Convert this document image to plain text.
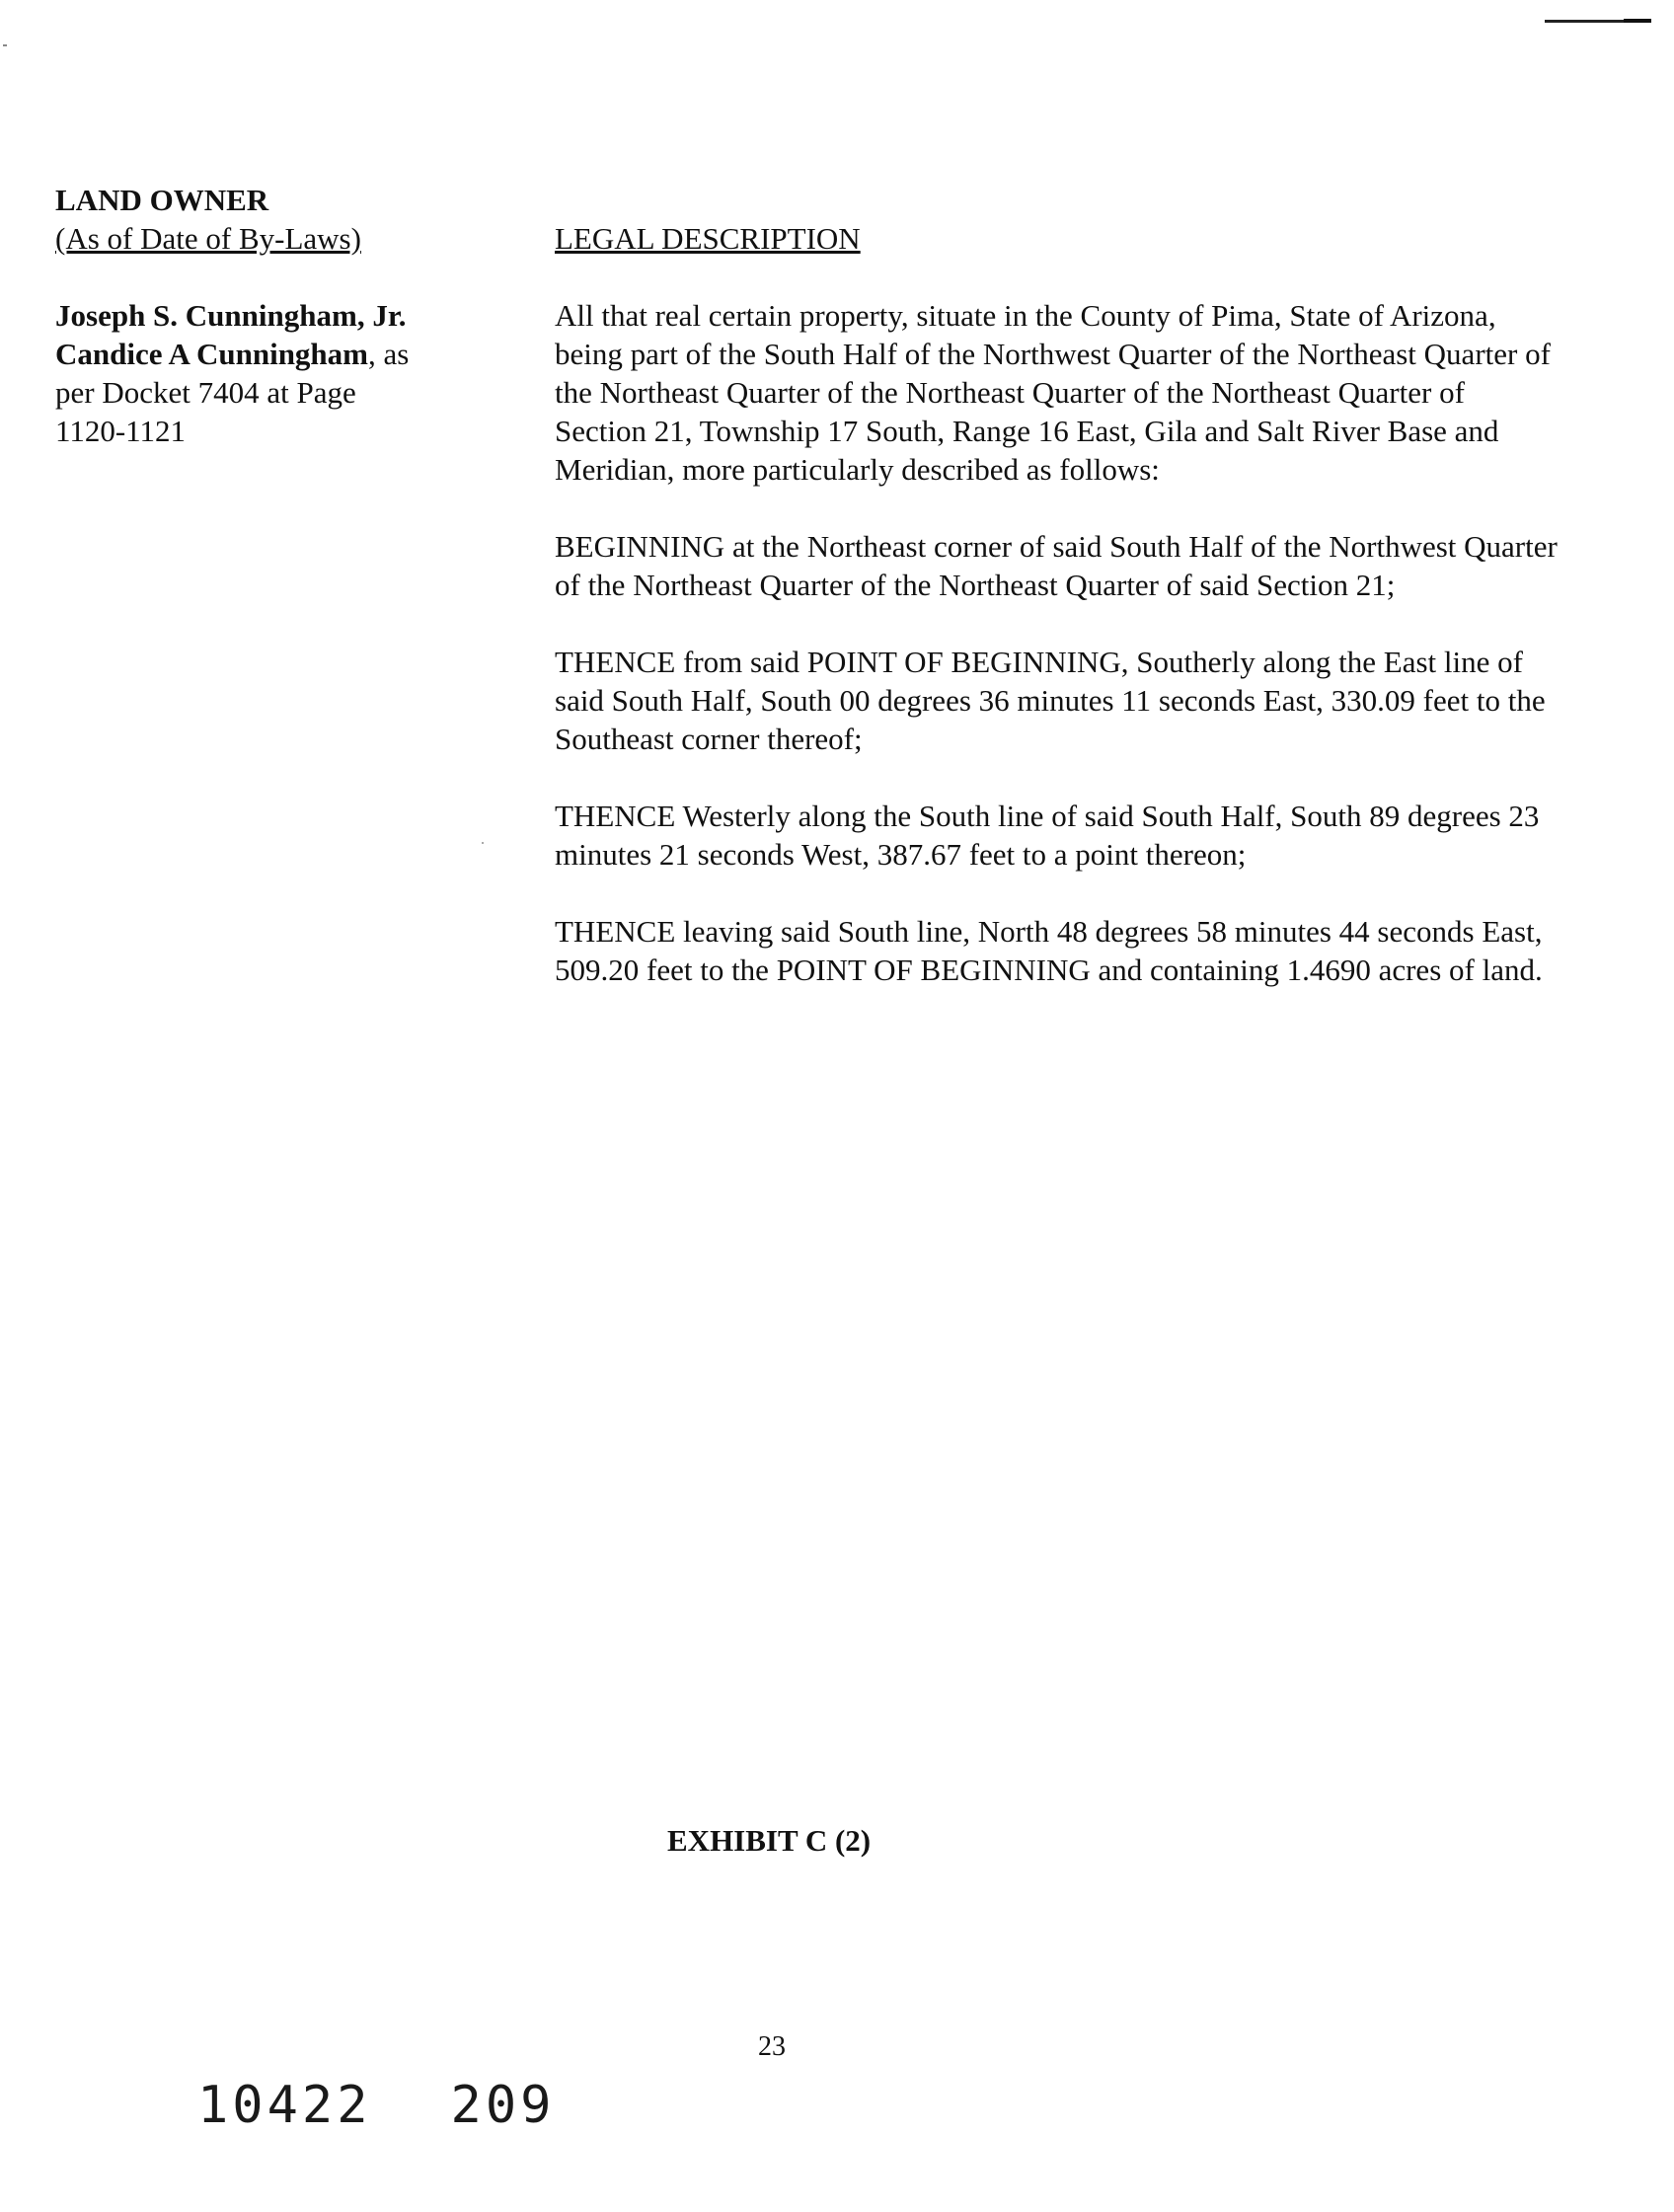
LAND OWNER
(As of Date of By-Laws)
Joseph S. Cunningham, Jr.
Candice A Cunningham, as
per Docket 7404 at Page
1120-1121
LEGAL DESCRIPTION

All that real certain property, situate in the County of Pima, State of Arizona, being part of the South Half of the Northwest Quarter of the Northeast Quarter of the Northeast Quarter of the Northeast Quarter of the Northeast Quarter of Section 21, Township 17 South, Range 16 East, Gila and Salt River Base and Meridian, more particularly described as follows:

BEGINNING at the Northeast corner of said South Half of the Northwest Quarter of the Northeast Quarter of the Northeast Quarter of said Section 21;

THENCE from said POINT OF BEGINNING, Southerly along the East line of said South Half, South 00 degrees 36 minutes 11 seconds East, 330.09 feet to the Southeast corner thereof;

THENCE Westerly along the South line of said South Half, South 89 degrees 23 minutes 21 seconds West, 387.67 feet to a point thereon;

THENCE leaving said South line, North 48 degrees 58 minutes 44 seconds East, 509.20 feet to the POINT OF BEGINNING and containing 1.4690 acres of land.

EXHIBIT C (2)
23
10422 209
